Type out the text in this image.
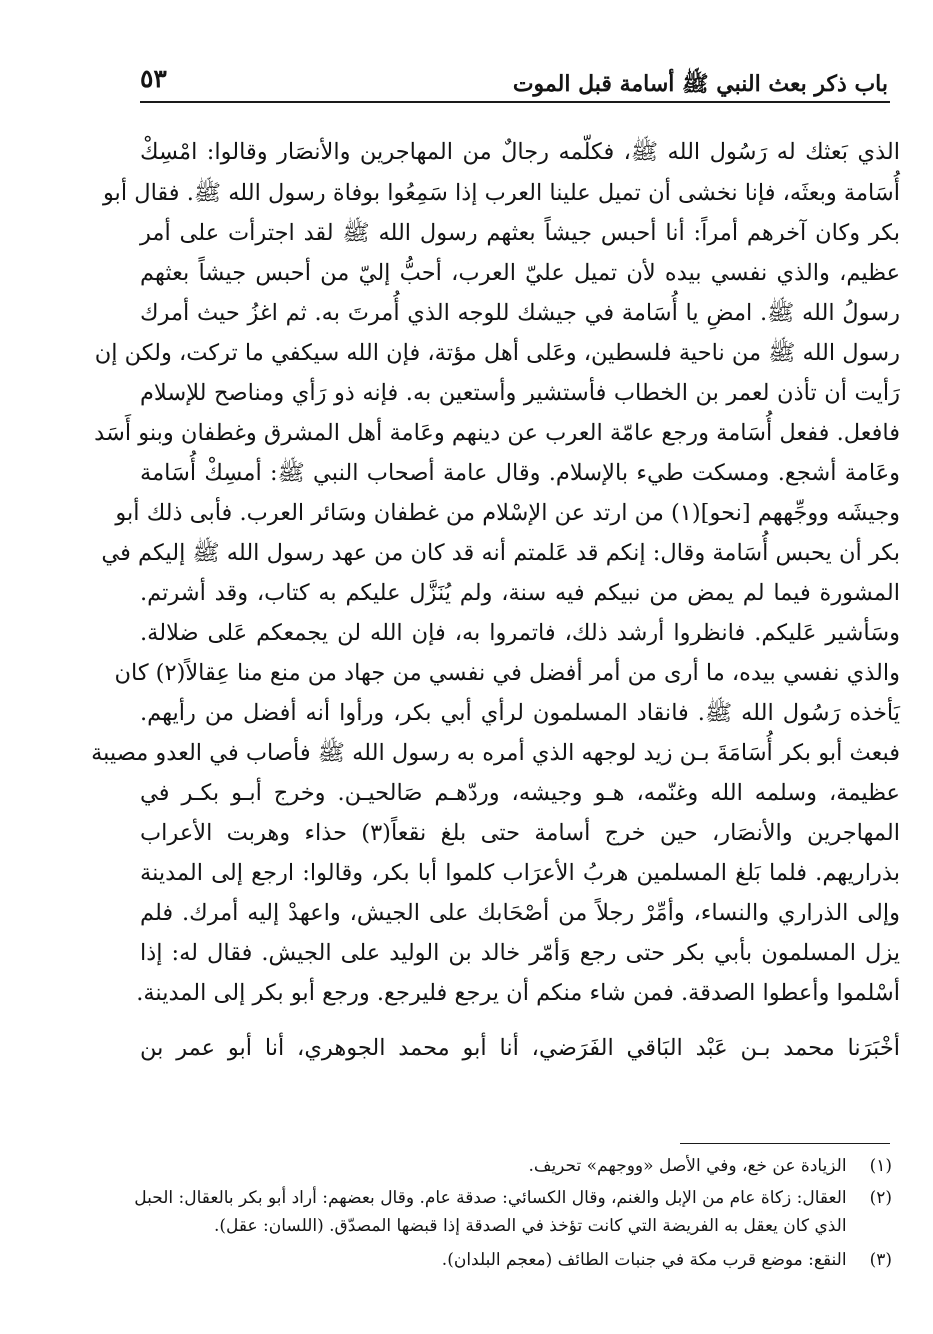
باب ذكر بعث النبي ﷺ أسامة قبل الموت
٥٣
الذي بَعثك له رَسُول الله ﷺ، فكلّمه رجالٌ من المهاجرين والأنصَار وقالوا: امْسِكْ
أُسَامة وبعثَه، فإنا نخشى أن تميل علينا العرب إذا سَمِعُوا بوفاة رسول الله ﷺ. فقال أبو
بكر وكان آخرهم أمراً: أنا أحبس جيشاً بعثهم رسول الله ﷺ لقد اجترأت على أمر
عظيم، والذي نفسي بيده لأن تميل عليّ العرب، أحبُّ إليّ من أحبس جيشاً بعثهم
رسولُ الله ﷺ. امضِ يا أُسَامة في جيشك للوجه الذي أُمرتَ به. ثم اغزُ حيث أمرك
رسول الله ﷺ من ناحية فلسطين، وعَلى أهل مؤتة، فإن الله سيكفي ما تركت، ولكن إن
رَأيت أن تأذن لعمر بن الخطاب فأستشير وأستعين به. فإنه ذو رَأي ومناصح للإسلام
فافعل. ففعل أُسَامة ورجع عامّة العرب عن دينهم وعَامة أهل المشرق وغطفان وبنو أَسَد
وعَامة أشجع. ومسكت طيء بالإسلام. وقال عامة أصحاب النبي ﷺ: أمسِكْ أُسَامة
وجيشَه ووجِّههم [نحو](١) من ارتد عن الإسْلام من غطفان وسَائر العرب. فأبى ذلك أبو
بكر أن يحبس أُسَامة وقال: إنكم قد عَلمتم أنه قد كان من عهد رسول الله ﷺ إليكم في
المشورة فيما لم يمض من نبيكم فيه سنة، ولم يُنَزَّل عليكم به كتاب، وقد أشرتم.
وسَأشير عَليكم. فانظروا أرشد ذلك، فاتمروا به، فإن الله لن يجمعكم عَلى ضلالة.
والذي نفسي بيده، ما أرى من أمر أفضل في نفسي من جهاد من منع منا عِقالاً(٢) كان
يَأخذه رَسُول الله ﷺ. فانقاد المسلمون لرأي أبي بكر، ورأوا أنه أفضل من رأيهم.
فبعث أبو بكر أُسَامَةَ بـن زيد لوجهه الذي أمره به رسول الله ﷺ فأصاب في العدو مصيبة
عظيمة، وسلمه الله وغنّمه، هـو وجيشه، وردّهـم صَالحيـن. وخرج أبـو بكـر في
المهاجرين والأنصَار، حين خرج أسامة حتى بلغ نقعاً(٣) حذاء وهربت الأعراب
بذراريهم. فلما بَلغ المسلمين هربُ الأعرَاب كلموا أبا بكر، وقالوا: ارجع إلى المدينة
وإلى الذراري والنساء، وأمِّرْ رجلاً من أصْحَابك على الجيش، واعهدْ إليه أمرك. فلم
يزل المسلمون بأبي بكر حتى رجع وَأمّر خالد بن الوليد على الجيش. فقال له: إذا
أسْلموا وأعطوا الصدقة. فمن شاء منكم أن يرجع فليرجع. ورجع أبو بكر إلى المدينة.
أخْبَرَنا محمد بـن عَبْد البَاقي الفَرَضي، أنا أبو محمد الجوهري، أنا أبو عمر بن
(١) الزيادة عن خع، وفي الأصل «ووجهم» تحريف.
(٢) العقال: زكاة عام من الإبل والغنم، وقال الكسائي: صدقة عام. وقال بعضهم: أراد أبو بكر بالعقال: الحبل
الذي كان يعقل به الفريضة التي كانت تؤخذ في الصدقة إذا قبضها المصدّق. (اللسان: عقل).
(٣) النقع: موضع قرب مكة في جنبات الطائف (معجم البلدان).
